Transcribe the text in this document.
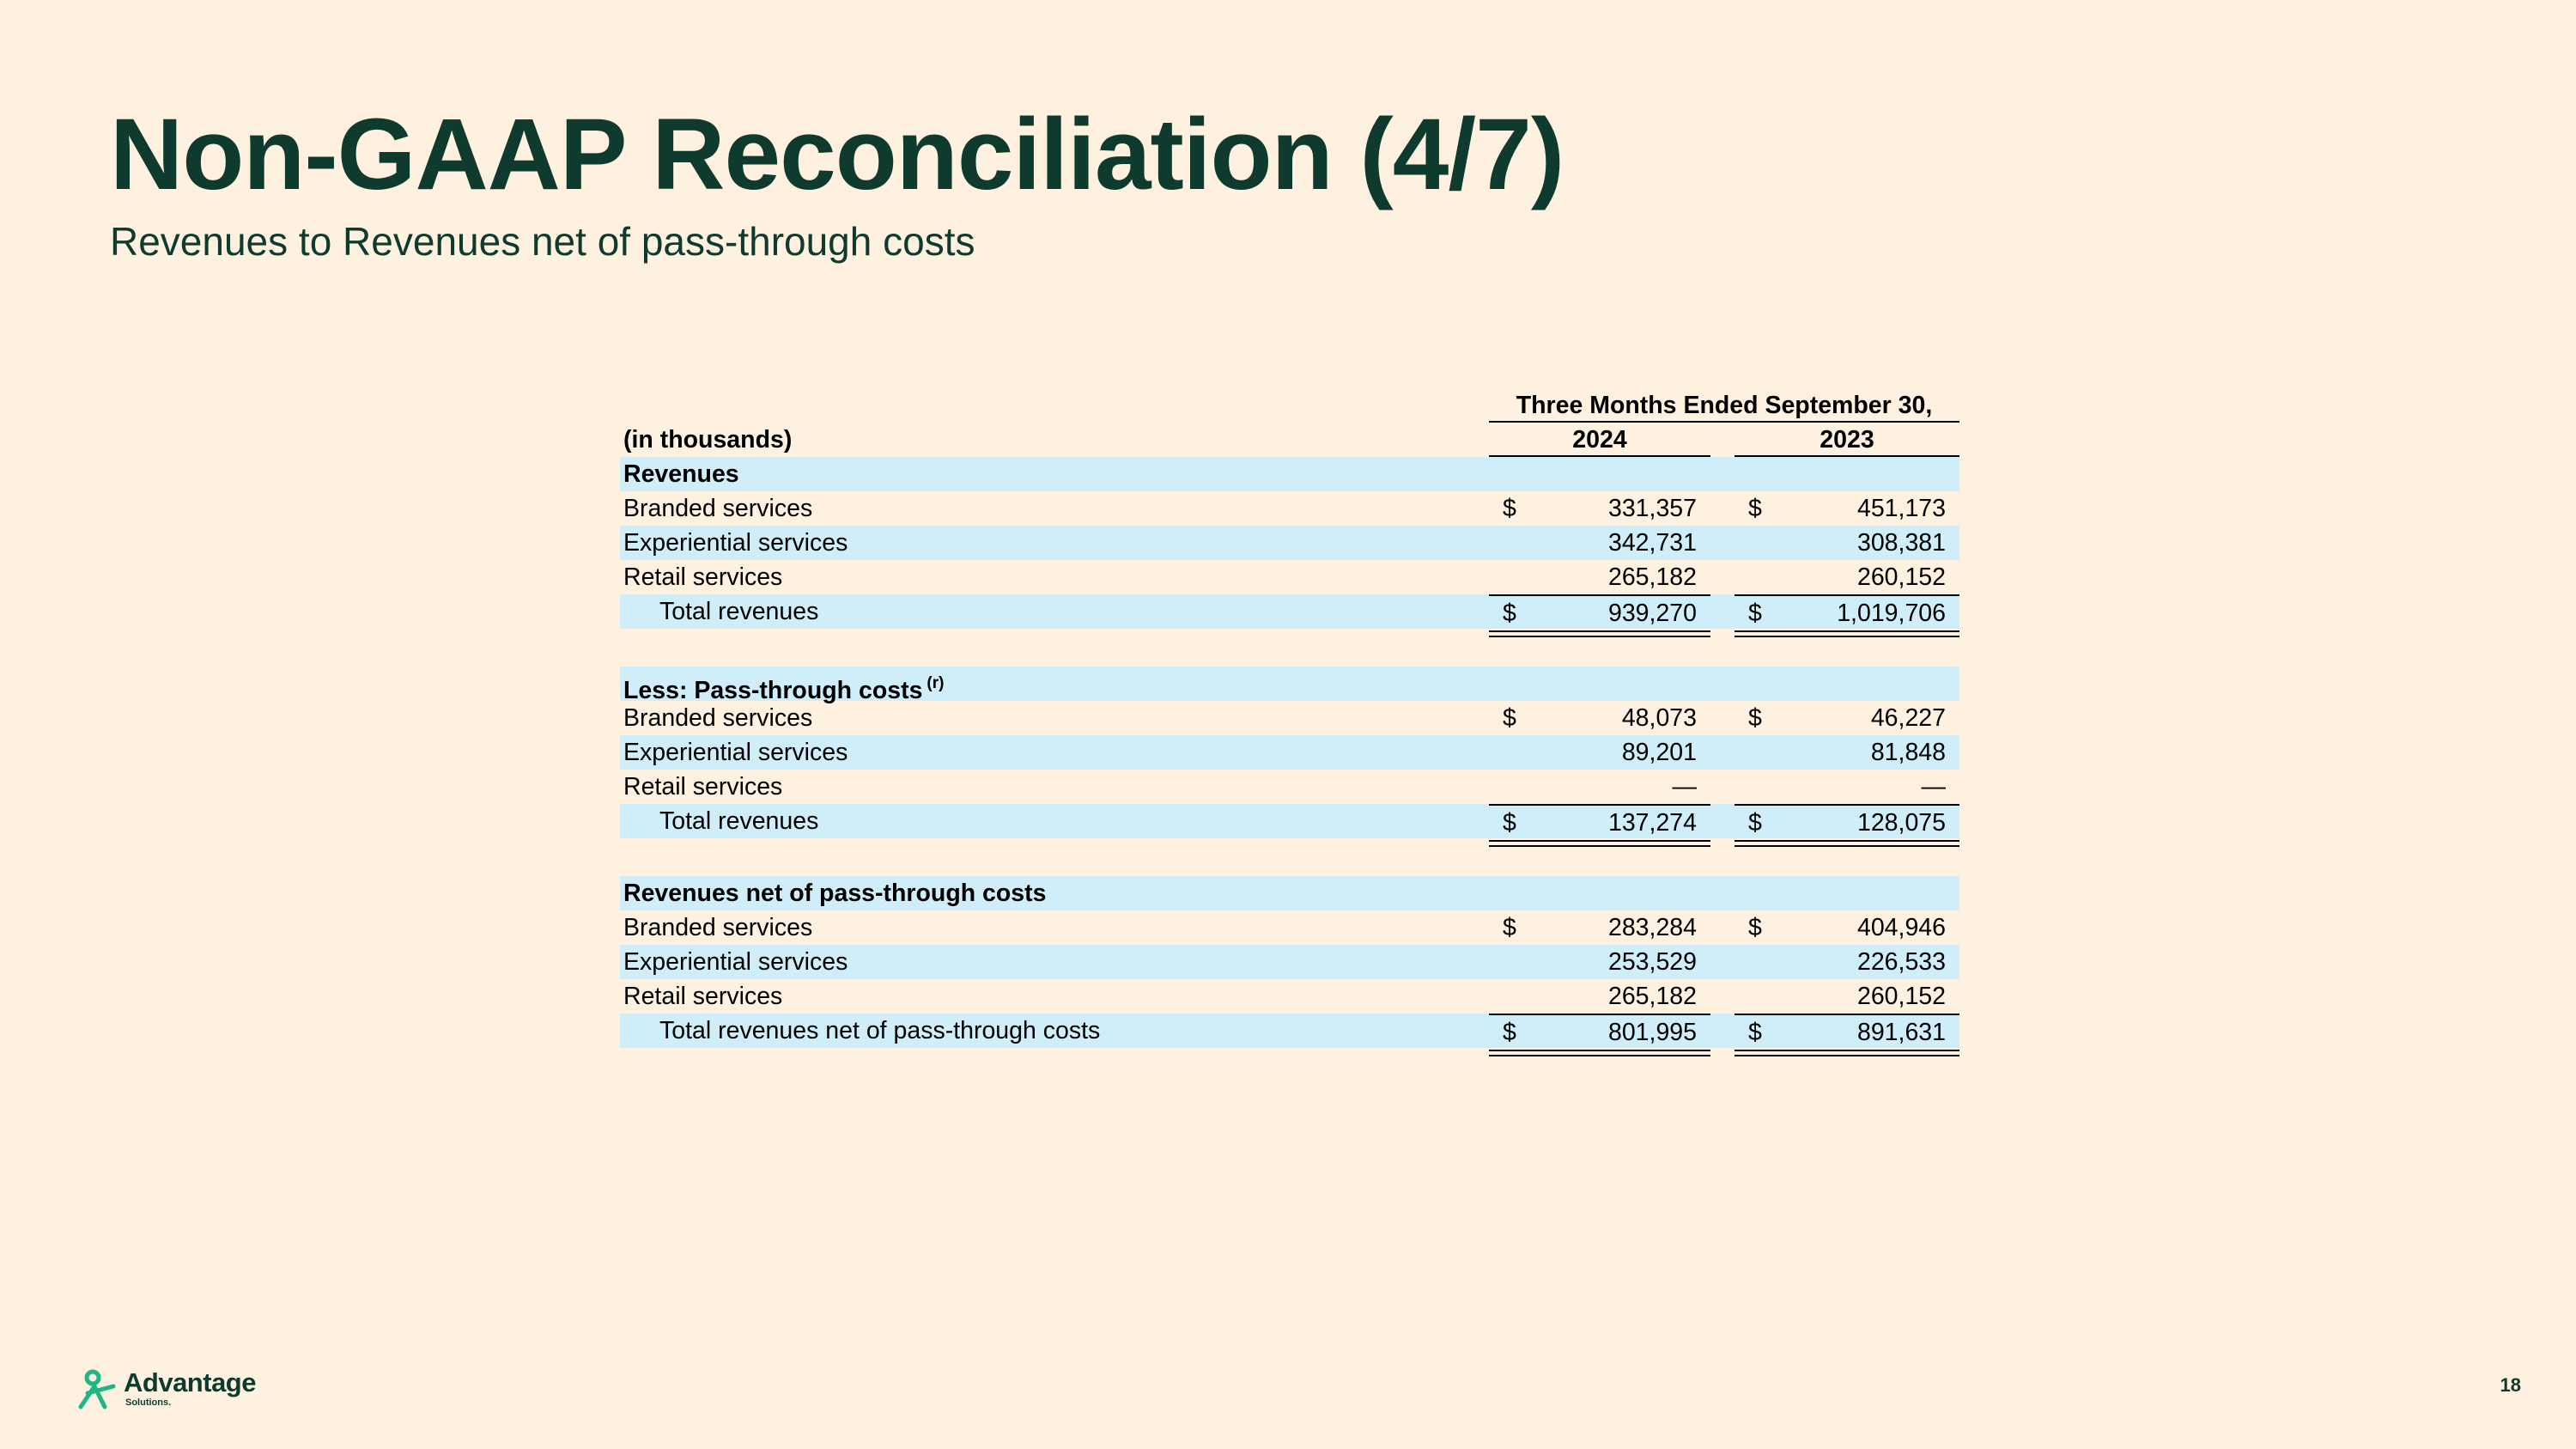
Non-GAAP Reconciliation (4/7)
Revenues to Revenues net of pass-through costs
Three Months Ended September 30,
(in thousands)	2024	2023
Revenues
Branded services	$	331,357 $	451,173
Experiential services	342,731	308,381
Retail services	265,182	260,152
Total revenues	$	939,270 $	1,019,706
Less: Pass-through costs $^{(r)}$
Branded services	$	48,073 $	46,227
Experiential services	89,201	81,848
Retail services	—	—
Total revenues	$	137,274 $	128,075
Revenues net of pass-through costs
Branded services	$	283,284 $	404,946
Experiential services	253,529	226,533
Retail services	265,182	260,152
Total revenues net of pass-through costs	$	801,995 $	891,631
Advantage
Solutions.
18
